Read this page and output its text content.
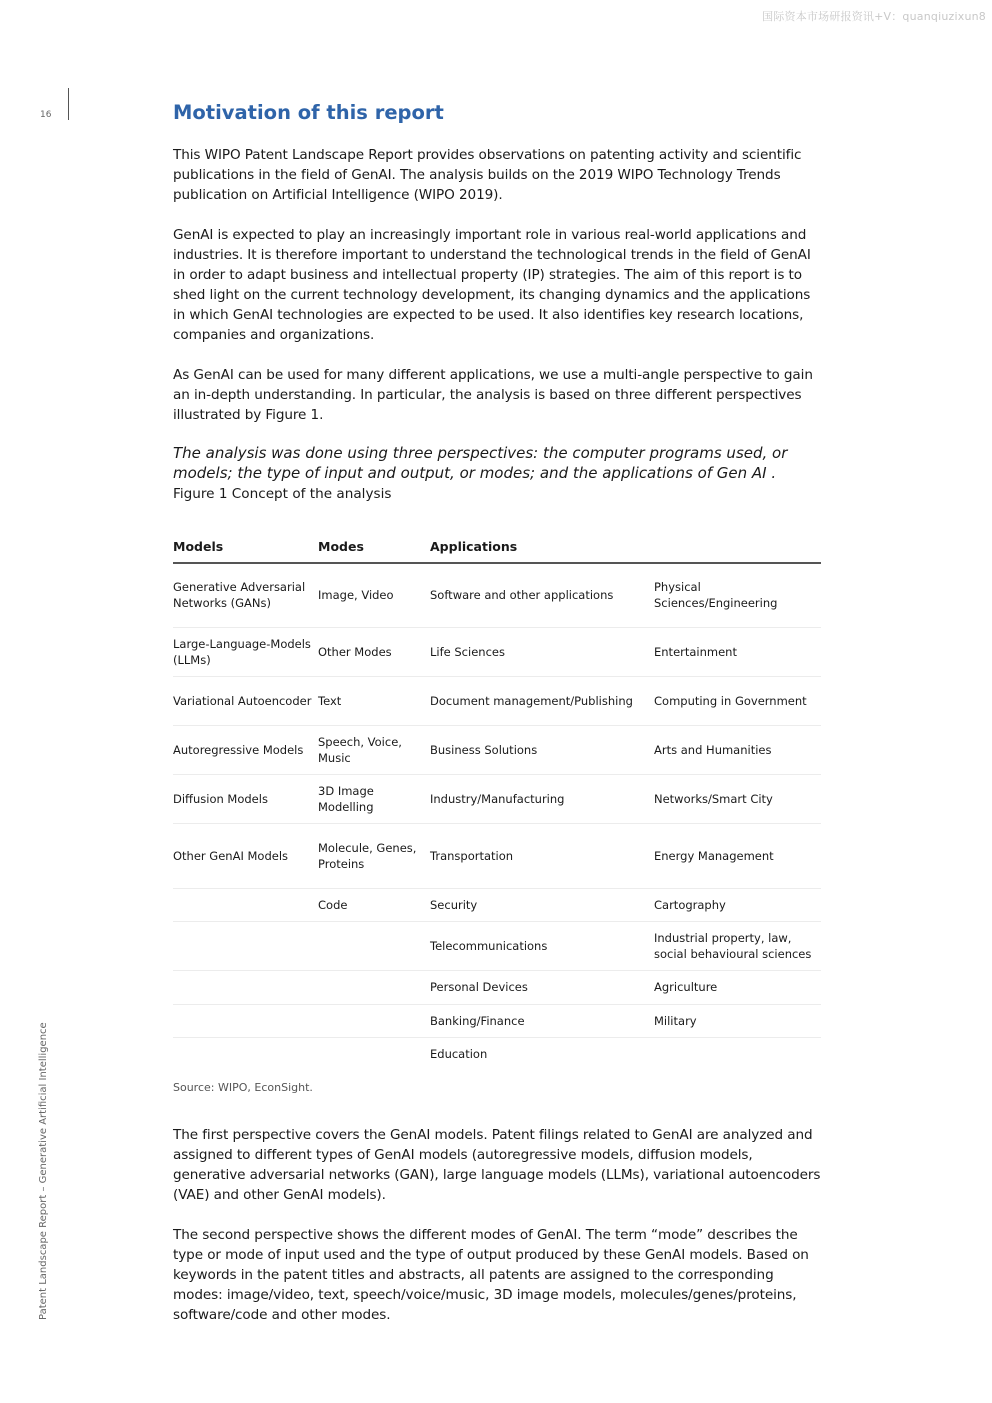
国际资本市场研报资讯+V：quanqiuzixun8
16
Patent Landscape Report – Generative Artificial Intelligence
Motivation of this report

This WIPO Patent Landscape Report provides observations on patenting activity and scientific publications in the field of GenAI. The analysis builds on the 2019 WIPO Technology Trends publication on Artificial Intelligence (WIPO 2019).

GenAI is expected to play an increasingly important role in various real-world applications and industries. It is therefore important to understand the technological trends in the field of GenAI in order to adapt business and intellectual property (IP) strategies. The aim of this report is to shed light on the current technology development, its changing dynamics and the applications in which GenAI technologies are expected to be used. It also identifies key research locations, companies and organizations.

As GenAI can be used for many different applications, we use a multi-angle perspective to gain an in-depth understanding. In particular, the analysis is based on three different perspectives illustrated by Figure 1.

The analysis was done using three perspectives: the computer programs used, or models; the type of input and output, or modes; and the applications of Gen AI .

Figure 1 Concept of the analysis

Models	Modes	Applications	
Generative Adversarial Networks (GANs)	Image, Video	Software and other applications	Physical Sciences/Engineering
Large-Language-Models (LLMs)	Other Modes	Life Sciences	Entertainment
Variational Autoencoder	Text	Document management/Publishing	Computing in Government
Autoregressive Models	Speech, Voice, Music	Business Solutions	Arts and Humanities
Diffusion Models	3D Image Modelling	Industry/Manufacturing	Networks/Smart City
Other GenAI Models	Molecule, Genes, Proteins	Transportation	Energy Management
	Code	Security	Cartography
		Telecommunications	Industrial property, law, social behavioural sciences
		Personal Devices	Agriculture
		Banking/Finance	Military
		Education	

Source: WIPO, EconSight.

The first perspective covers the GenAI models. Patent filings related to GenAI are analyzed and assigned to different types of GenAI models (autoregressive models, diffusion models, generative adversarial networks (GAN), large language models (LLMs), variational autoencoders (VAE) and other GenAI models).

The second perspective shows the different modes of GenAI. The term “mode” describes the type or mode of input used and the type of output produced by these GenAI models. Based on keywords in the patent titles and abstracts, all patents are assigned to the corresponding modes: image/video, text, speech/voice/music, 3D image models, molecules/genes/proteins, software/code and other modes.
